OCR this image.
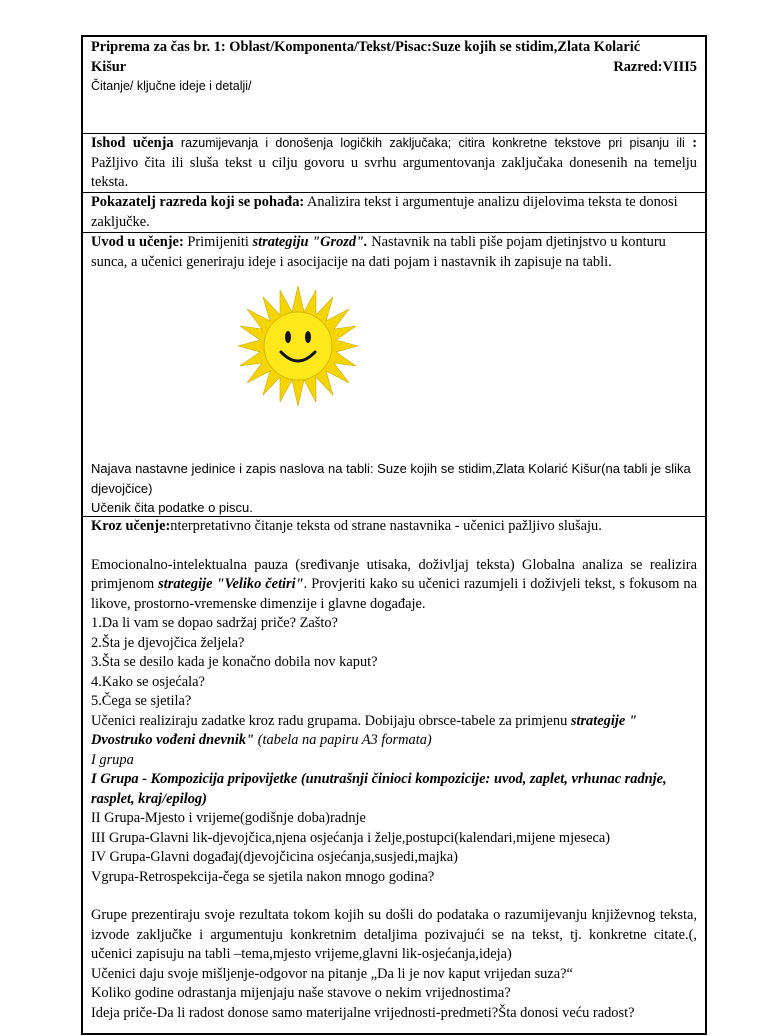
Priprema za čas br. 1: Oblast/Komponenta/Tekst/Pisac:Suze kojih se stidim,Zlata Kolarić
Kišur	Razred:VIII5
Čitanje/ ključne ideje i detalji/
Ishod učenja razumijevanja i donošenja logičkih zaključaka; citira konkretne tekstove pri pisanju ili : Pažljivo čita ili sluša tekst u cilju govoru u svrhu argumentovanja zaključaka donesenih na temelju teksta.
Pokazatelj razreda koji se pohađa: Analizira tekst i argumentuje analizu dijelovima teksta te donosi zaključke.
Uvod u učenje: Primijeniti strategiju "Grozd". Nastavnik na tabli piše pojam djetinjstvo u konturu sunca, a učenici generiraju ideje i asocijacije na dati pojam i nastavnik ih zapisuje na tabli.
Najava nastavne jedinice i zapis naslova na tabli: Suze kojih se stidim,Zlata Kolarić Kišur(na tabli je slika djevojčice)
Učenik čita podatke o piscu.
Kroz učenje:nterpretativno čitanje teksta od strane nastavnika - učenici pažljivo slušaju.
Emocionalno-intelektualna pauza (sređivanje utisaka, doživljaj teksta) Globalna analiza se realizira primjenom strategije "Veliko četiri". Provjeriti kako su učenici razumjeli i doživjeli tekst, s fokusom na likove, prostorno-vremenske dimenzije i glavne događaje.
1.Da li vam se dopao sadržaj priče? Zašto?
2.Šta je djevojčica željela?
3.Šta se desilo kada je konačno dobila nov kaput?
4.Kako se osjećala?
5.Čega se sjetila?
Učenici realiziraju zadatke kroz radu grupama. Dobijaju obrsce-tabele za primjenu strategije " Dvostruko vođeni dnevnik" (tabela na papiru A3 formata)
I grupa
I Grupa - Kompozicija pripovijetke (unutrašnji činioci kompozicije: uvod, zaplet, vrhunac radnje, rasplet, kraj/epilog)
II Grupa-Mjesto i vrijeme(godišnje doba)radnje
III Grupa-Glavni lik-djevojčica,njena osjećanja i želje,postupci(kalendari,mijene mjeseca)
IV Grupa-Glavni događaj(djevojčicina osjećanja,susjedi,majka)
Vgrupa-Retrospekcija-čega se sjetila nakon mnogo godina?
Grupe prezentiraju svoje rezultata tokom kojih su došli do podataka o razumijevanju književnog teksta, izvode zaključke i argumentuju konkretnim detaljima pozivajući se na tekst, tj. konkretne citate.(, učenici zapisuju na tabli –tema,mjesto vrijeme,glavni lik-osjećanja,ideja)
Učenici daju svoje mišljenje-odgovor na pitanje „Da li je nov kaput vrijedan suza?“
Koliko godine odrastanja mijenjaju naše stavove o nekim vrijednostima?
Ideja priče-Da li radost donose samo materijalne vrijednosti-predmeti?Šta donosi veću radost?
